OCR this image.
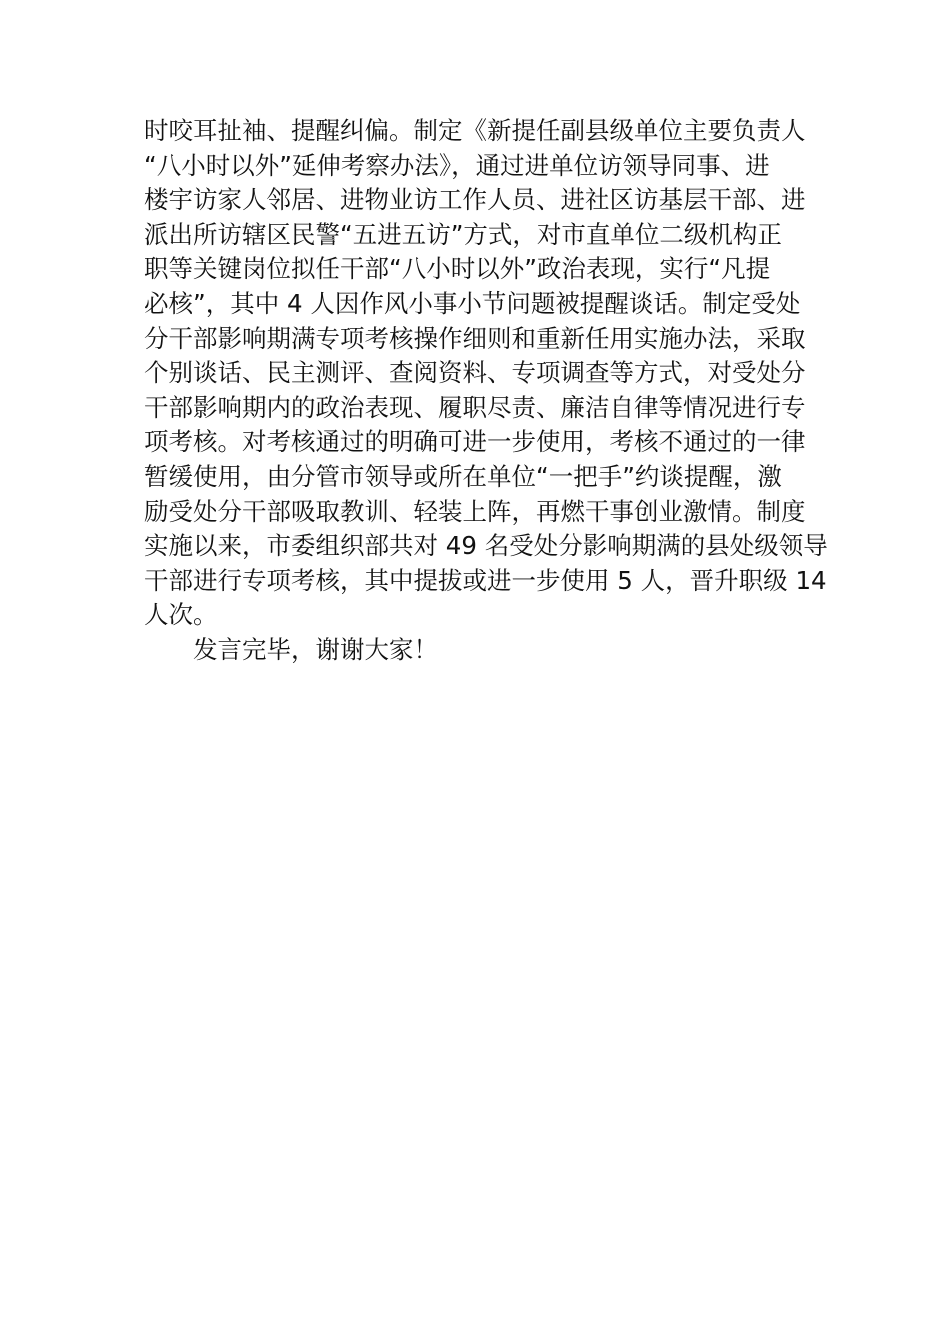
时咬耳扯袖、提醒纠偏。制定《新提任副县级单位主要负责人
“八小时以外”延伸考察办法》，通过进单位访领导同事、进
楼宇访家人邻居、进物业访工作人员、进社区访基层干部、进
派出所访辖区民警“五进五访”方式，对市直单位二级机构正
职等关键岗位拟任干部“八小时以外”政治表现，实行“凡提
必核”，其中 4 人因作风小事小节问题被提醒谈话。制定受处
分干部影响期满专项考核操作细则和重新任用实施办法，采取
个别谈话、民主测评、查阅资料、专项调查等方式，对受处分
干部影响期内的政治表现、履职尽责、廉洁自律等情况进行专
项考核。对考核通过的明确可进一步使用，考核不通过的一律
暂缓使用，由分管市领导或所在单位“一把手”约谈提醒，激
励受处分干部吸取教训、轻装上阵，再燃干事创业激情。制度
实施以来，市委组织部共对 49 名受处分影响期满的县处级领导
干部进行专项考核，其中提拔或进一步使用 5 人，晋升职级 14
人次。
　　发言完毕，谢谢大家！
